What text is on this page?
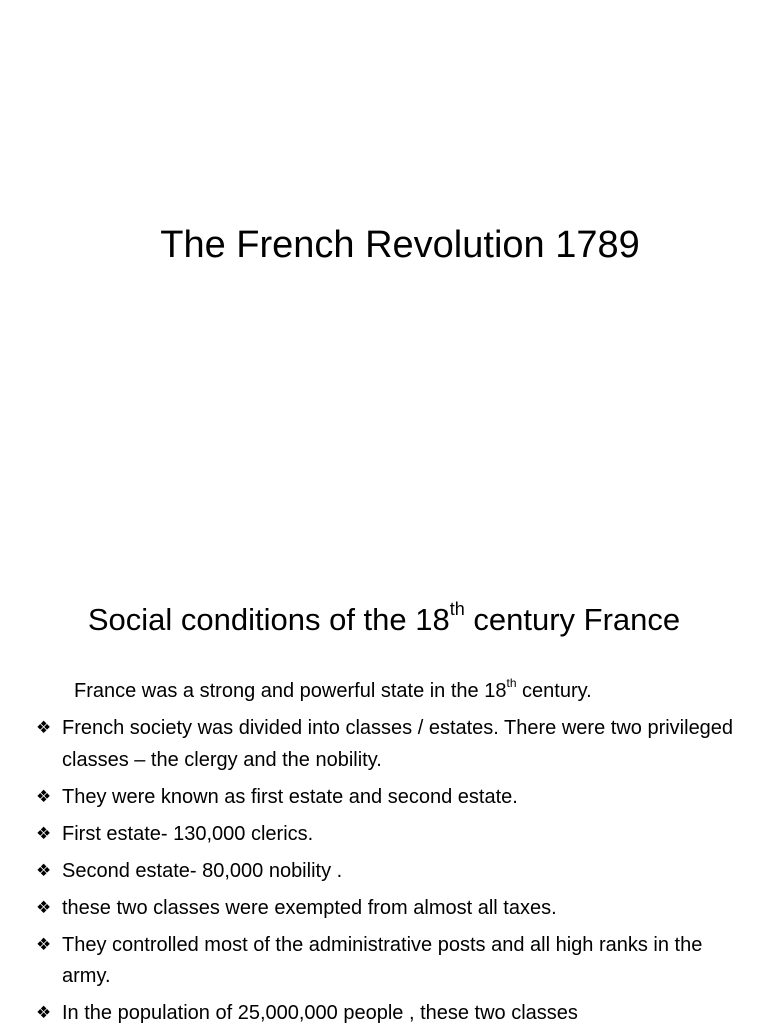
The French Revolution 1789
Social conditions of the 18th century France
France was a strong and powerful state in the 18th century.
❖ French society was divided into classes / estates. There were two privileged classes – the clergy and the nobility.
❖ They were known as first estate and second estate.
❖ First estate- 130,000 clerics.
❖ Second estate- 80,000 nobility .
❖ these two classes were exempted from almost all taxes.
❖ They controlled most of the administrative posts and all high ranks in the army.
❖ In the population of 25,000,000 people , these two classes
